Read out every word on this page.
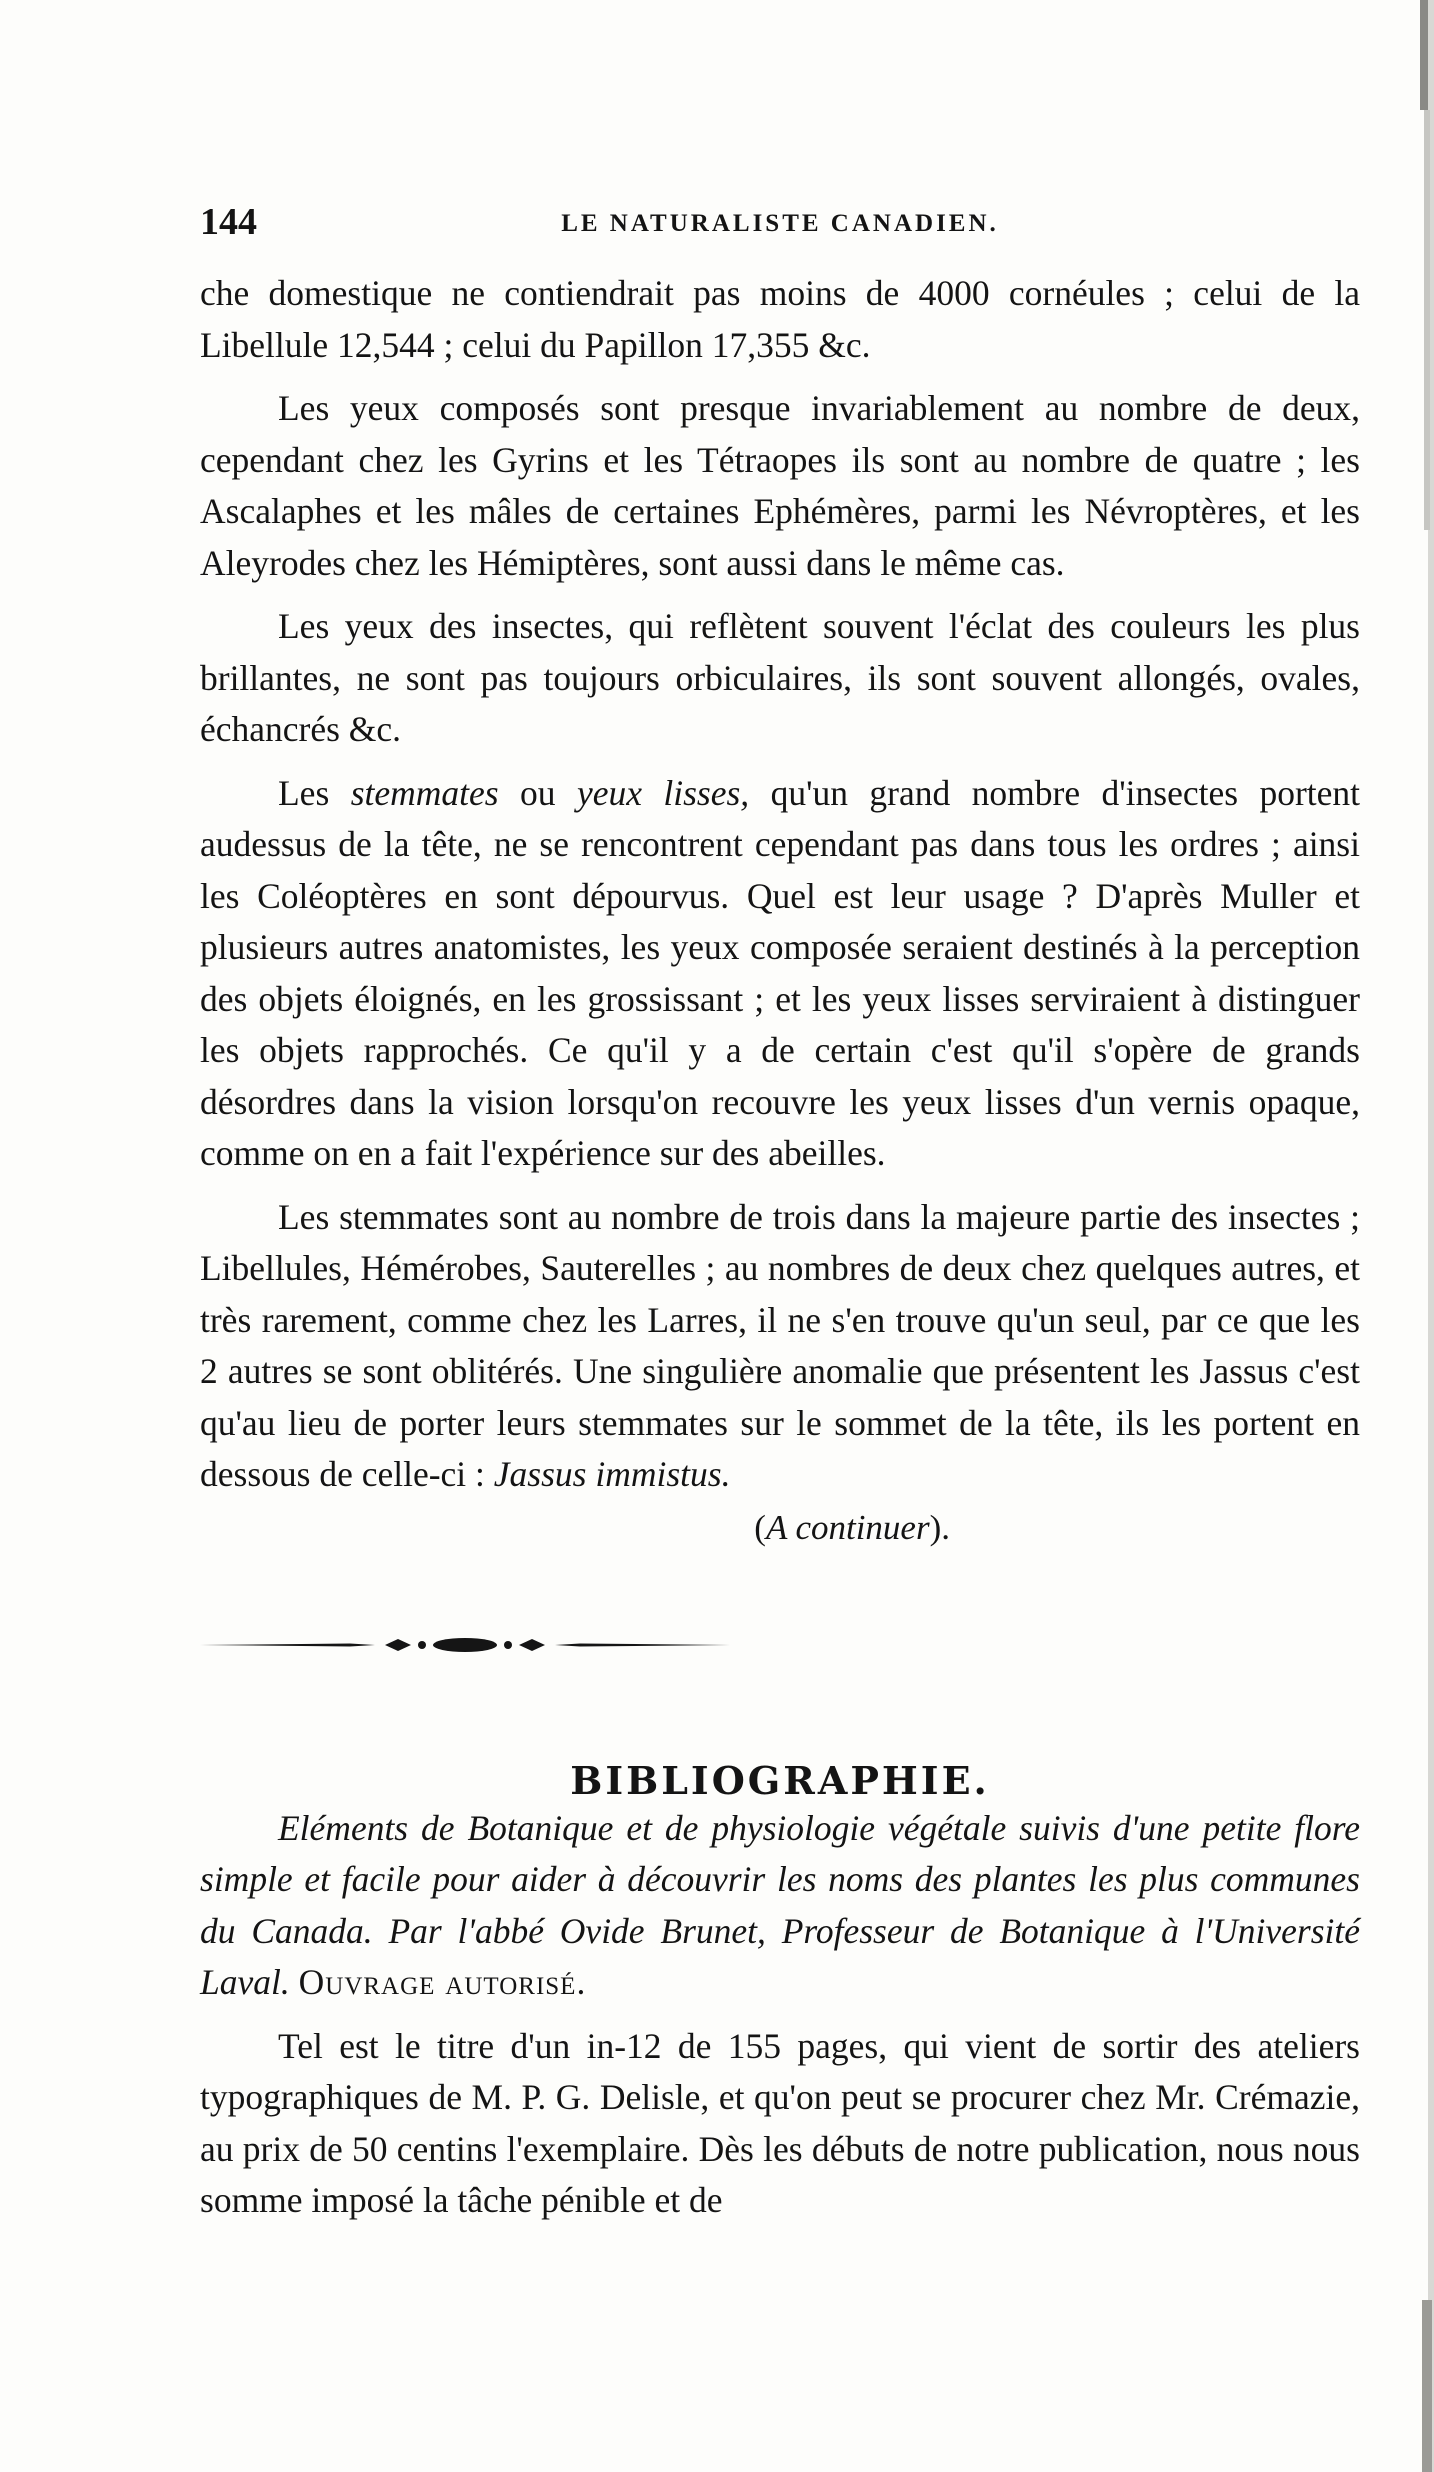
144	LE NATURALISTE CANADIEN.

che domestique ne contiendrait pas moins de 4000 cornéules ; celui de la Libellule 12,544 ; celui du Papillon 17,355 &c.

Les yeux composés sont presque invariablement au nombre de deux, cependant chez les Gyrins et les Tétraopes ils sont au nombre de quatre ; les Ascalaphes et les mâles de certaines Ephémères, parmi les Névroptères, et les Aleyrodes chez les Hémiptères, sont aussi dans le même cas.

Les yeux des insectes, qui reflètent souvent l'éclat des couleurs les plus brillantes, ne sont pas toujours orbiculaires, ils sont souvent allongés, ovales, échancrés &c.

Les stemmates ou yeux lisses, qu'un grand nombre d'insectes portent audessus de la tête, ne se rencontrent cependant pas dans tous les ordres ; ainsi les Coléoptères en sont dépourvus. Quel est leur usage ? D'après Muller et plusieurs autres anatomistes, les yeux composée seraient destinés à la perception des objets éloignés, en les grossissant ; et les yeux lisses serviraient à distinguer les objets rapprochés. Ce qu'il y a de certain c'est qu'il s'opère de grands désordres dans la vision lorsqu'on recouvre les yeux lisses d'un vernis opaque, comme on en a fait l'expérience sur des abeilles.

Les stemmates sont au nombre de trois dans la majeure partie des insectes ; Libellules, Hémérobes, Sauterelles ; au nombres de deux chez quelques autres, et très rarement, comme chez les Larres, il ne s'en trouve qu'un seul, par ce que les 2 autres se sont oblitérés. Une singulière anomalie que présentent les Jassus c'est qu'au lieu de porter leurs stemmates sur le sommet de la tête, ils les portent en dessous de celle-ci : Jassus immistus.

(A continuer).
BIBLIOGRAPHIE.

Eléments de Botanique et de physiologie végétale suivis d'une petite flore simple et facile pour aider à découvrir les noms des plantes les plus communes du Canada. Par l'abbé Ovide Brunet, Professeur de Botanique à l'Université Laval. Ouvrage autorisé.

Tel est le titre d'un in-12 de 155 pages, qui vient de sortir des ateliers typographiques de M. P. G. Delisle, et qu'on peut se procurer chez Mr. Crémazie, au prix de 50 centins l'exemplaire. Dès les débuts de notre publication, nous nous somme imposé la tâche pénible et de
